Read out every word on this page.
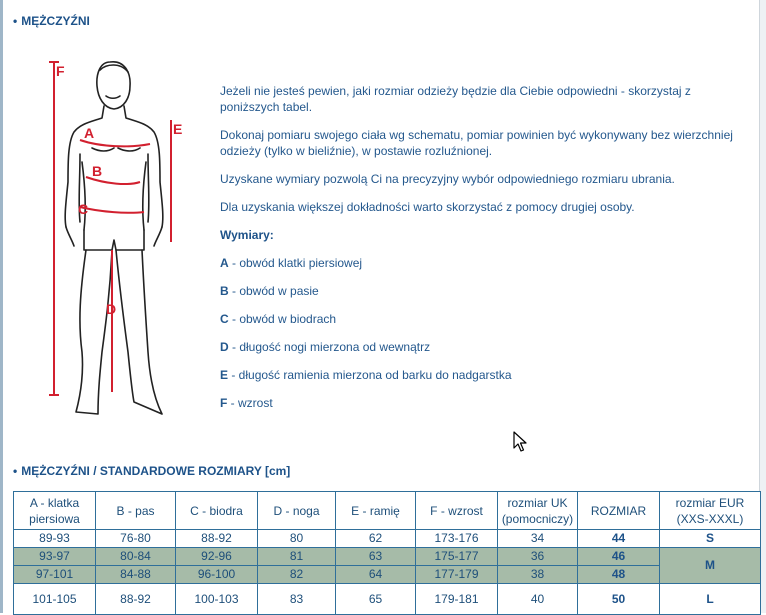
• MĘŻCZYŹNI
F
E
A
B
C
D

Jeżeli nie jesteś pewien, jaki rozmiar odzieży będzie dla Ciebie odpowiedni - skorzystaj z poniższych tabel.

Dokonaj pomiaru swojego ciała wg schematu, pomiar powinien być wykonywany bez wierzchniej odzieży (tylko w bieliźnie), w postawie rozluźnionej.

Uzyskane wymiary pozwolą Ci na precyzyjny wybór odpowiedniego rozmiaru ubrania.

Dla uzyskania większej dokładności warto skorzystać z pomocy drugiej osoby.

Wymiary:

A - obwód klatki piersiowej
B - obwód w pasie
C - obwód w biodrach
D - długość nogi mierzona od wewnątrz
E - długość ramienia mierzona od barku do nadgarstka
F - wzrost
• MĘŻCZYŹNI / STANDARDOWE ROZMIARY [cm]
A - klatka piersiowa	B - pas	C - biodra	D - noga	E - ramię	F - wzrost	rozmiar UK (pomocniczy)	ROZMIAR	rozmiar EUR (XXS-XXXL)
89-93	76-80	88-92	80	62	173-176	34	44	S
93-97	80-84	92-96	81	63	175-177	36	46	M
97-101	84-88	96-100	82	64	177-179	38	48	
101-105	88-92	100-103	83	65	179-181	40	50	L
